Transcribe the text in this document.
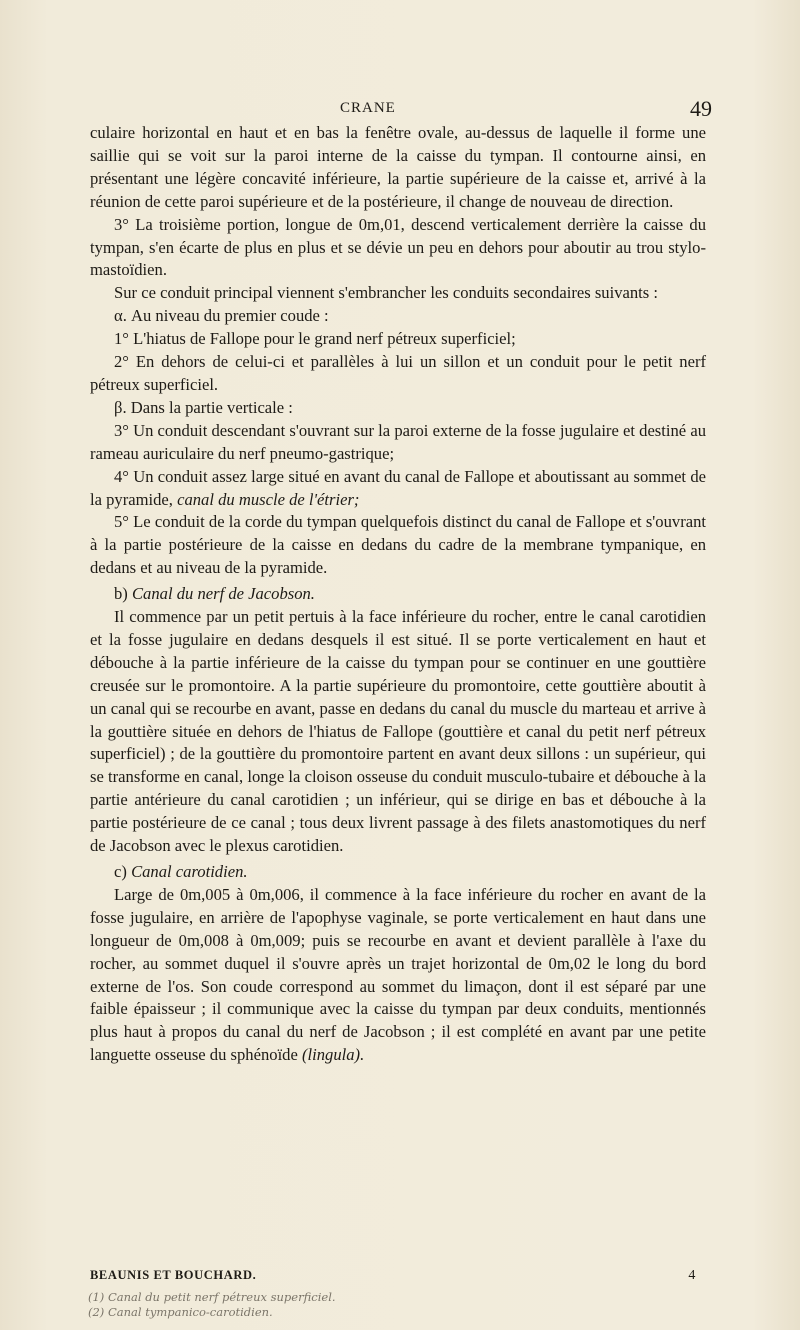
CRANE	49

culaire horizontal en haut et en bas la fenêtre ovale, au-dessus de laquelle il forme une saillie qui se voit sur la paroi interne de la caisse du tympan. Il contourne ainsi, en présentant une légère concavité inférieure, la partie supérieure de la caisse et, arrivé à la réunion de cette paroi supérieure et de la postérieure, il change de nouveau de direction.

3° La troisième portion, longue de 0m,01, descend verticalement derrière la caisse du tympan, s'en écarte de plus en plus et se dévie un peu en dehors pour aboutir au trou stylo-mastoïdien.

Sur ce conduit principal viennent s'embrancher les conduits secondaires suivants :

α. Au niveau du premier coude :

1° L'hiatus de Fallope pour le grand nerf pétreux superficiel;

2° En dehors de celui-ci et parallèles à lui un sillon et un conduit pour le petit nerf pétreux superficiel.

β. Dans la partie verticale :

3° Un conduit descendant s'ouvrant sur la paroi externe de la fosse jugulaire et destiné au rameau auriculaire du nerf pneumo-gastrique;

4° Un conduit assez large situé en avant du canal de Fallope et aboutissant au sommet de la pyramide, canal du muscle de l'étrier;

5° Le conduit de la corde du tympan quelquefois distinct du canal de Fallope et s'ouvrant à la partie postérieure de la caisse en dedans du cadre de la membrane tympanique, en dedans et au niveau de la pyramide.

b) Canal du nerf de Jacobson.

Il commence par un petit pertuis à la face inférieure du rocher, entre le canal carotidien et la fosse jugulaire en dedans desquels il est situé. Il se porte verticalement en haut et débouche à la partie inférieure de la caisse du tympan pour se continuer en une gouttière creusée sur le promontoire. A la partie supérieure du promontoire, cette gouttière aboutit à un canal qui se recourbe en avant, passe en dedans du canal du muscle du marteau et arrive à la gouttière située en dehors de l'hiatus de Fallope (gouttière et canal du petit nerf pétreux superficiel) ; de la gouttière du promontoire partent en avant deux sillons : un supérieur, qui se transforme en canal, longe la cloison osseuse du conduit musculo-tubaire et débouche à la partie antérieure du canal carotidien ; un inférieur, qui se dirige en bas et débouche à la partie postérieure de ce canal ; tous deux livrent passage à des filets anastomotiques du nerf de Jacobson avec le plexus carotidien.

c) Canal carotidien.

Large de 0m,005 à 0m,006, il commence à la face inférieure du rocher en avant de la fosse jugulaire, en arrière de l'apophyse vaginale, se porte verticalement en haut dans une longueur de 0m,008 à 0m,009; puis se recourbe en avant et devient parallèle à l'axe du rocher, au sommet duquel il s'ouvre après un trajet horizontal de 0m,02 le long du bord externe de l'os. Son coude correspond au sommet du limaçon, dont il est séparé par une faible épaisseur ; il communique avec la caisse du tympan par deux conduits, mentionnés plus haut à propos du canal du nerf de Jacobson ; il est complété en avant par une petite languette osseuse du sphénoïde (lingula).

BEAUNIS ET BOUCHARD.	4

(1) Canal du petit nerf pétreux superficiel.

(2) Canal tympanico-carotidien.
